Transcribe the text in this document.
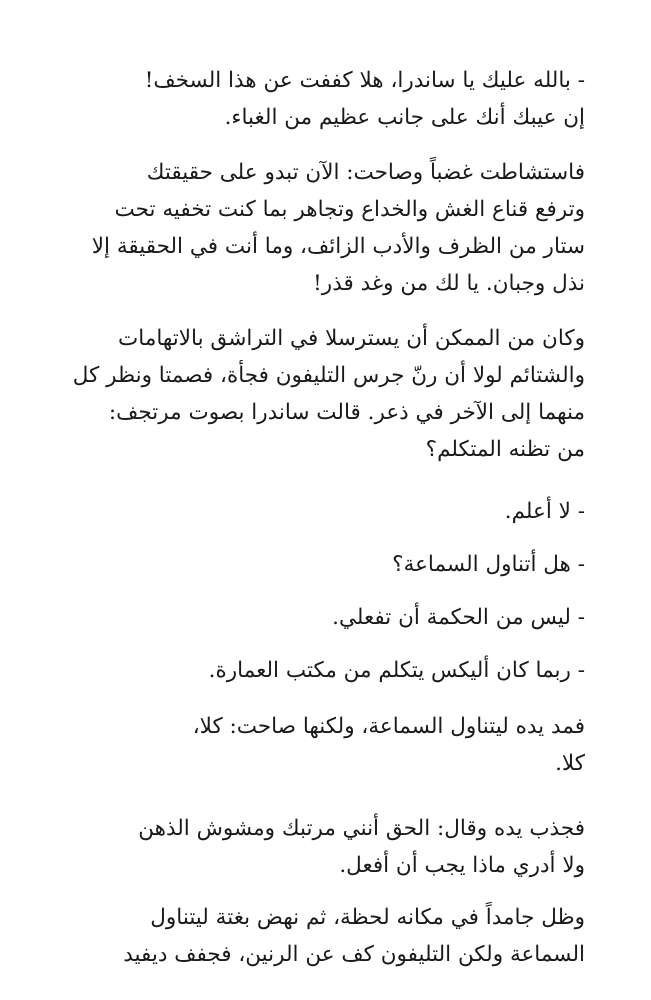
- بالله عليك يا ساندرا، هلا كففت عن هذا السخف!
إن عيبك أنك على جانب عظيم من الغباء.

فاستشاطت غضباً وصاحت: الآن تبدو على حقيقتك
وترفع قناع الغش والخداع وتجاهر بما كنت تخفيه تحت
ستار من الظرف والأدب الزائف، وما أنت في الحقيقة إلا
نذل وجبان. يا لك من وغد قذر!

وكان من الممكن أن يسترسلا في التراشق بالاتهامات
والشتائم لولا أن رنّ جرس التليفون فجأة، فصمتا ونظر كل
منهما إلى الآخر في ذعر. قالت ساندرا بصوت مرتجف:
من تظنه المتكلم؟

- لا أعلم.

- هل أتناول السماعة؟

- ليس من الحكمة أن تفعلي.

- ربما كان أليكس يتكلم من مكتب العمارة.

فمد يده ليتناول السماعة، ولكنها صاحت: كلا،
كلا.

فجذب يده وقال: الحق أنني مرتبك ومشوش الذهن
ولا أدري ماذا يجب أن أفعل.

وظل جامداً في مكانه لحظة، ثم نهض بغتة ليتناول
السماعة ولكن التليفون كف عن الرنين، فجفف ديفيد
